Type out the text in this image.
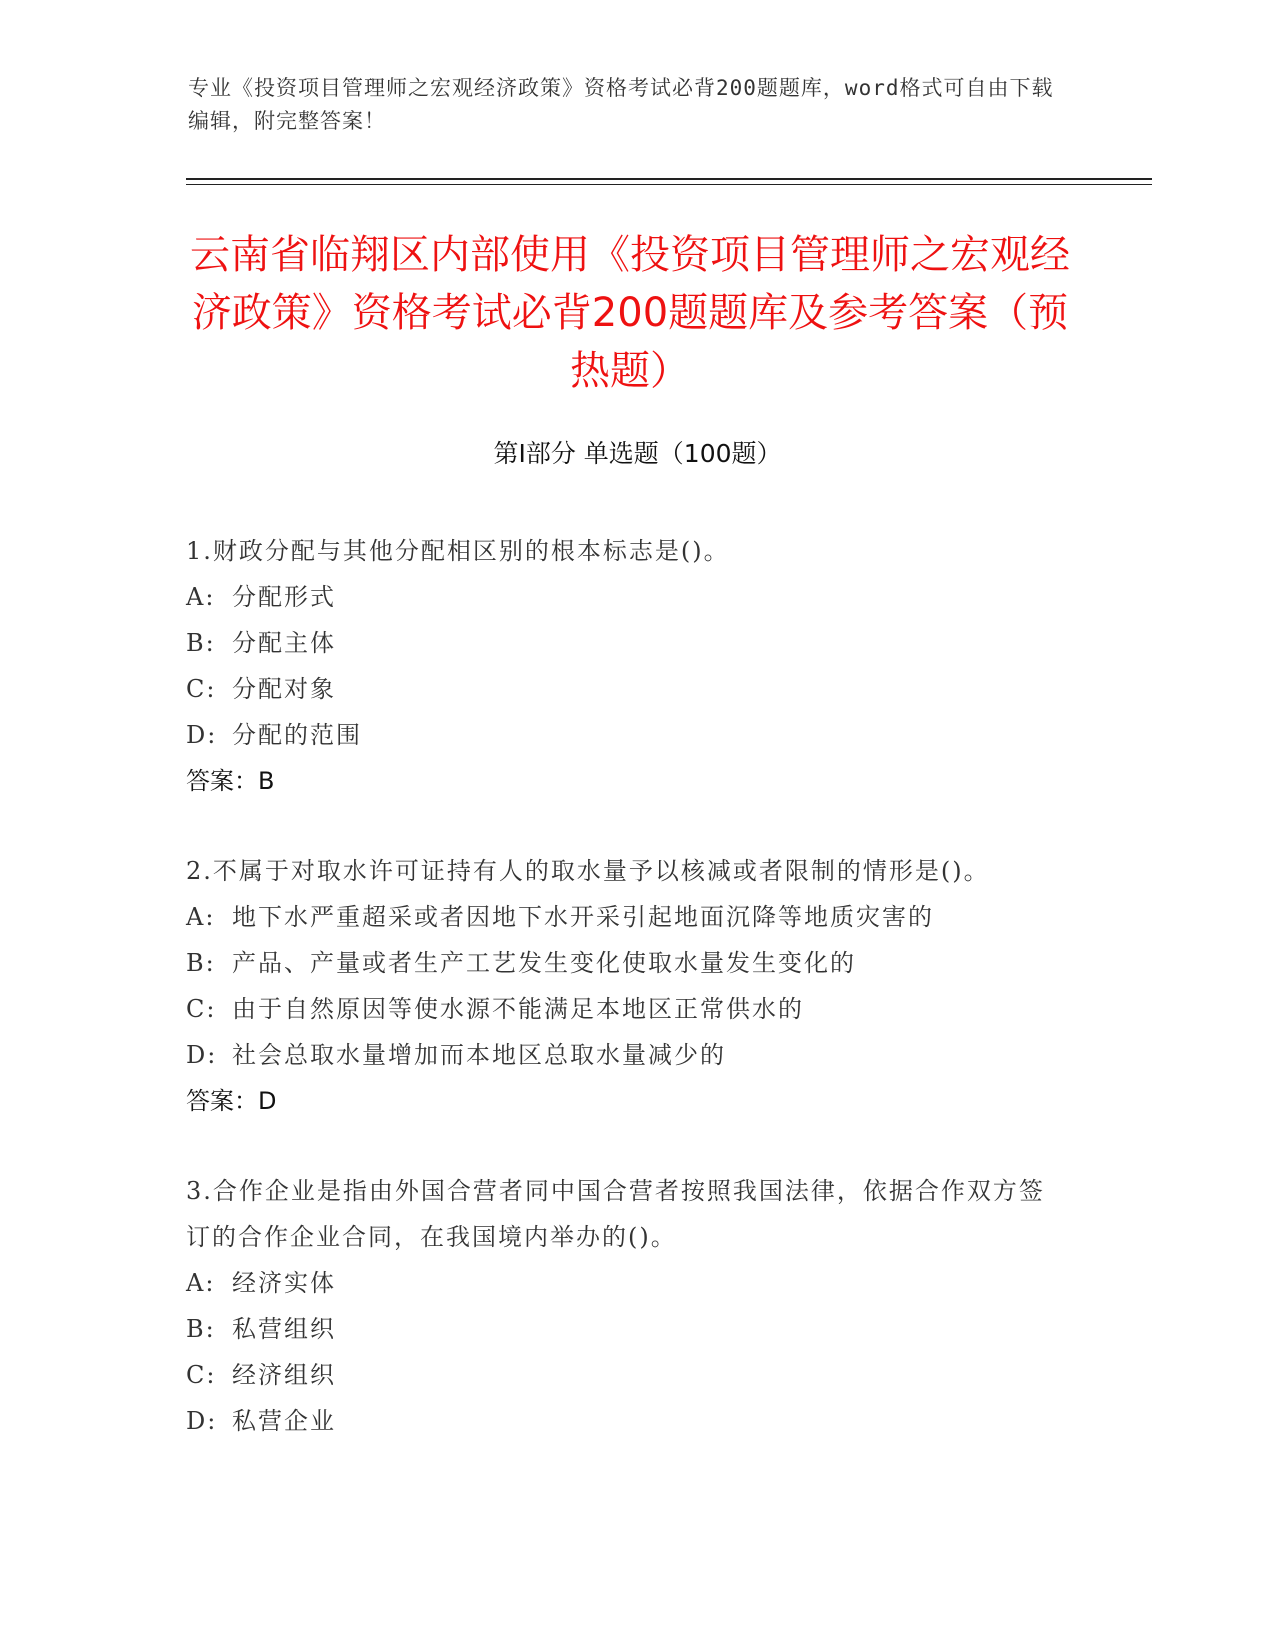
专业《投资项目管理师之宏观经济政策》资格考试必背200题题库，word格式可自由下载编辑，附完整答案！
云南省临翔区内部使用《投资项目管理师之宏观经济政策》资格考试必背200题题库及参考答案（预热题）
第Ⅰ部分 单选题（100题）
1.财政分配与其他分配相区别的根本标志是()。
A: 分配形式
B: 分配主体
C: 分配对象
D: 分配的范围
答案：B
2.不属于对取水许可证持有人的取水量予以核减或者限制的情形是()。
A: 地下水严重超采或者因地下水开采引起地面沉降等地质灾害的
B: 产品、产量或者生产工艺发生变化使取水量发生变化的
C: 由于自然原因等使水源不能满足本地区正常供水的
D: 社会总取水量增加而本地区总取水量减少的
答案：D
3.合作企业是指由外国合营者同中国合营者按照我国法律，依据合作双方签订的合作企业合同，在我国境内举办的()。
A: 经济实体
B: 私营组织
C: 经济组织
D: 私营企业
